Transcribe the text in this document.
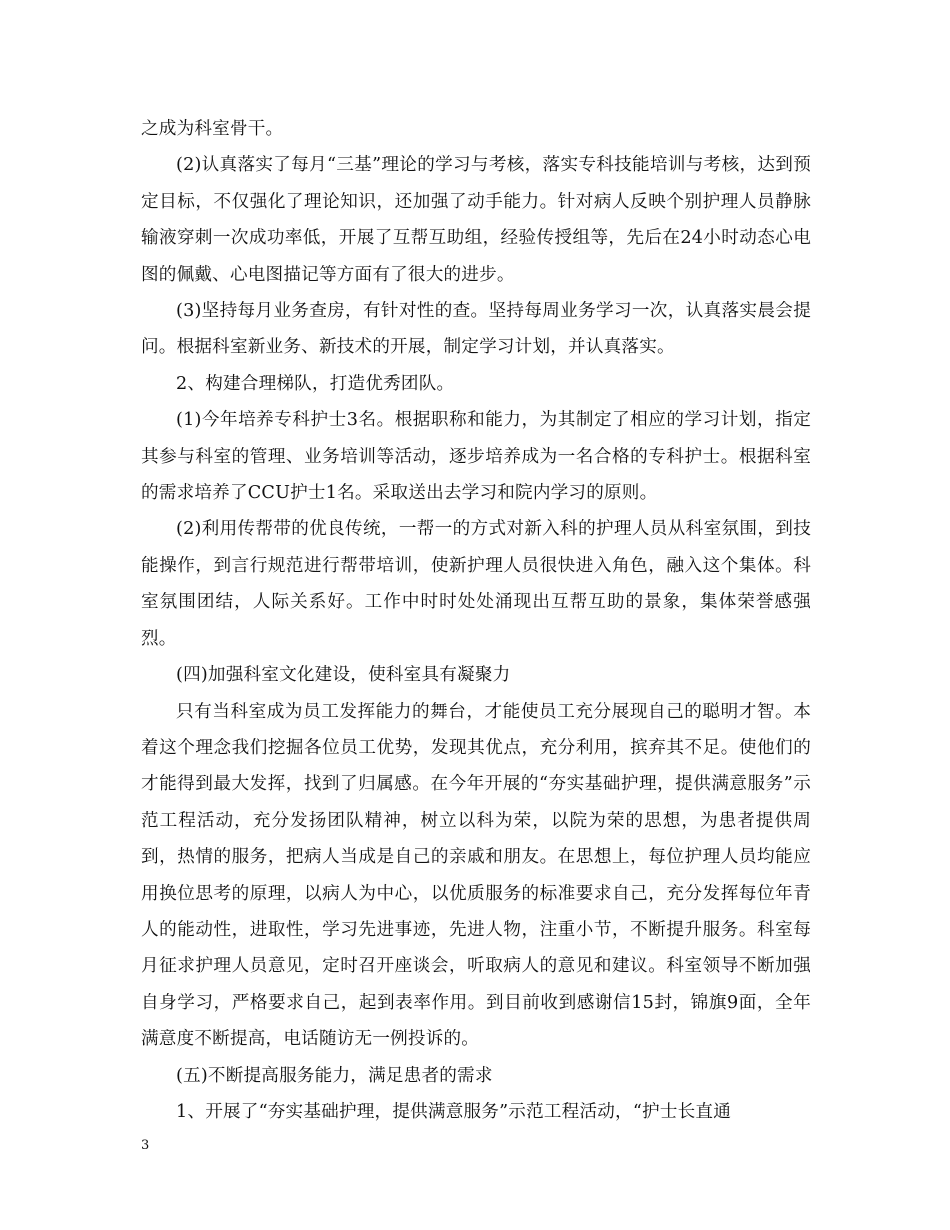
之成为科室骨干。

(2)认真落实了每月“三基”理论的学习与考核，落实专科技能培训与考核，达到预定目标，不仅强化了理论知识，还加强了动手能力。针对病人反映个别护理人员静脉输液穿刺一次成功率低，开展了互帮互助组，经验传授组等，先后在24小时动态心电图的佩戴、心电图描记等方面有了很大的进步。

(3)坚持每月业务查房，有针对性的查。坚持每周业务学习一次，认真落实晨会提问。根据科室新业务、新技术的开展，制定学习计划，并认真落实。

2、构建合理梯队，打造优秀团队。

(1)今年培养专科护士3名。根据职称和能力，为其制定了相应的学习计划，指定其参与科室的管理、业务培训等活动，逐步培养成为一名合格的专科护士。根据科室的需求培养了CCU护士1名。采取送出去学习和院内学习的原则。

(2)利用传帮带的优良传统，一帮一的方式对新入科的护理人员从科室氛围，到技能操作，到言行规范进行帮带培训，使新护理人员很快进入角色，融入这个集体。科室氛围团结，人际关系好。工作中时时处处涌现出互帮互助的景象，集体荣誉感强烈。

(四)加强科室文化建设，使科室具有凝聚力

只有当科室成为员工发挥能力的舞台，才能使员工充分展现自己的聪明才智。本着这个理念我们挖掘各位员工优势，发现其优点，充分利用，摈弃其不足。使他们的才能得到最大发挥，找到了归属感。在今年开展的“夯实基础护理，提供满意服务”示范工程活动，充分发扬团队精神，树立以科为荣，以院为荣的思想，为患者提供周到，热情的服务，把病人当成是自己的亲戚和朋友。在思想上，每位护理人员均能应用换位思考的原理，以病人为中心，以优质服务的标准要求自己，充分发挥每位年青人的能动性，进取性，学习先进事迹，先进人物，注重小节，不断提升服务。科室每月征求护理人员意见，定时召开座谈会，听取病人的意见和建议。科室领导不断加强自身学习，严格要求自己，起到表率作用。到目前收到感谢信15封，锦旗9面，全年满意度不断提高，电话随访无一例投诉的。

(五)不断提高服务能力，满足患者的需求

1、开展了“夯实基础护理，提供满意服务”示范工程活动，“护士长直通

3
